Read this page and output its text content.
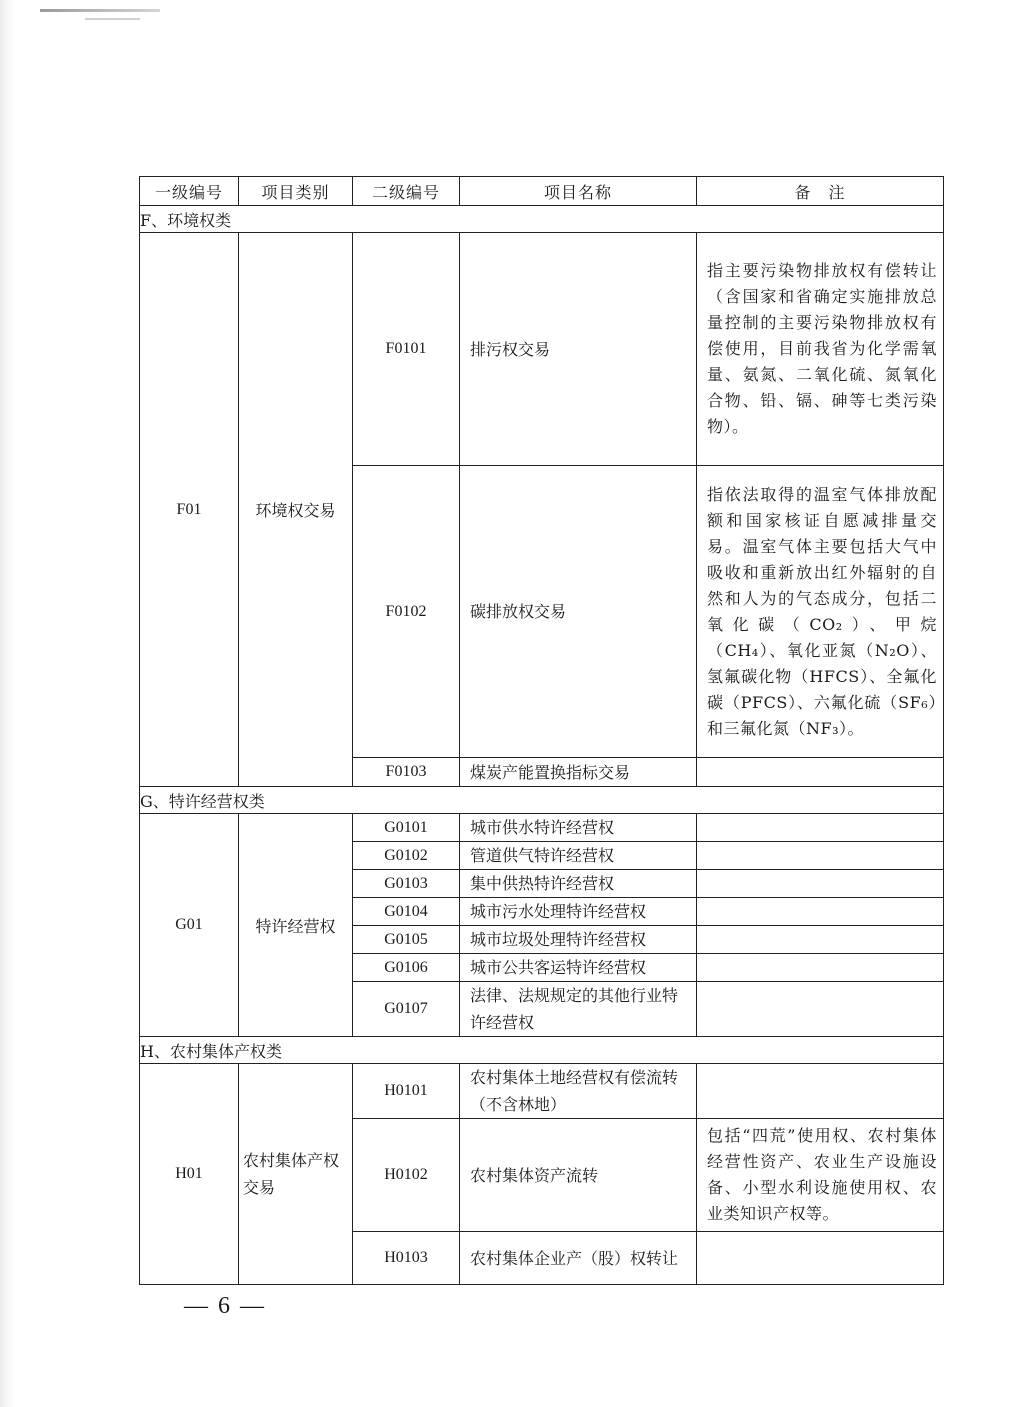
一级编号	项目类别	二级编号	项目名称	备　注
F、环境权类				
F01	环境权交易	F0101	排污权交易	指主要污染物排放权有偿转让（含国家和省确定实施排放总量控制的主要污染物排放权有偿使用，目前我省为化学需氧量、氨氮、二氧化硫、氮氧化合物、铅、镉、砷等七类污染物）。
		F0102	碳排放权交易	指依法取得的温室气体排放配额和国家核证自愿减排量交易。温室气体主要包括大气中吸收和重新放出红外辐射的自然和人为的气态成分，包括二氧化碳（CO₂）、甲烷（CH₄）、氧化亚氮（N₂O）、氢氟碳化物（HFCS）、全氟化碳（PFCS）、六氟化硫（SF₆）和三氟化氮（NF₃）。
		F0103	煤炭产能置换指标交易	
G、特许经营权类				
G01	特许经营权	G0101	城市供水特许经营权	
		G0102	管道供气特许经营权	
		G0103	集中供热特许经营权	
		G0104	城市污水处理特许经营权	
		G0105	城市垃圾处理特许经营权	
		G0106	城市公共客运特许经营权	
		G0107	法律、法规规定的其他行业特许经营权	
H、农村集体产权类				
H01	农村集体产权交易	H0101	农村集体土地经营权有偿流转（不含林地）	
		H0102	农村集体资产流转	包括“四荒”使用权、农村集体经营性资产、农业生产设施设备、小型水利设施使用权、农业类知识产权等。
		H0103	农村集体企业产（股）权转让	
— 6 —
